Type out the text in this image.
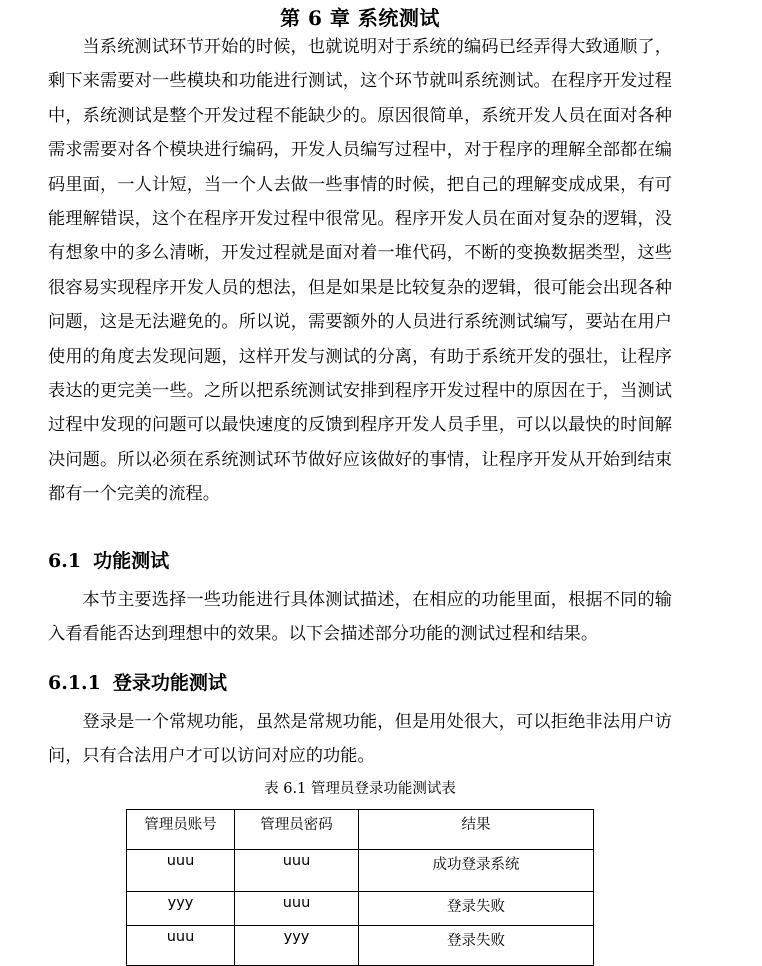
第 6 章 系统测试

当系统测试环节开始的时候，也就说明对于系统的编码已经弄得大致通顺了，剩下来需要对一些模块和功能进行测试，这个环节就叫系统测试。在程序开发过程中，系统测试是整个开发过程不能缺少的。原因很简单，系统开发人员在面对各种需求需要对各个模块进行编码，开发人员编写过程中，对于程序的理解全部都在编码里面，一人计短，当一个人去做一些事情的时候，把自己的理解变成成果，有可能理解错误，这个在程序开发过程中很常见。程序开发人员在面对复杂的逻辑，没有想象中的多么清晰，开发过程就是面对着一堆代码，不断的变换数据类型，这些很容易实现程序开发人员的想法，但是如果是比较复杂的逻辑，很可能会出现各种问题，这是无法避免的。所以说，需要额外的人员进行系统测试编写，要站在用户使用的角度去发现问题，这样开发与测试的分离，有助于系统开发的强壮，让程序表达的更完美一些。之所以把系统测试安排到程序开发过程中的原因在于，当测试过程中发现的问题可以最快速度的反馈到程序开发人员手里，可以以最快的时间解决问题。所以必须在系统测试环节做好应该做好的事情，让程序开发从开始到结束都有一个完美的流程。

6.1 功能测试

本节主要选择一些功能进行具体测试描述，在相应的功能里面，根据不同的输入看看能否达到理想中的效果。以下会描述部分功能的测试过程和结果。

6.1.1 登录功能测试

登录是一个常规功能，虽然是常规功能，但是用处很大，可以拒绝非法用户访问，只有合法用户才可以访问对应的功能。

表 6.1 管理员登录功能测试表
管理员账号	管理员密码	结果
uuu	uuu	成功登录系统
yyy	uuu	登录失败
uuu	yyy	登录失败
